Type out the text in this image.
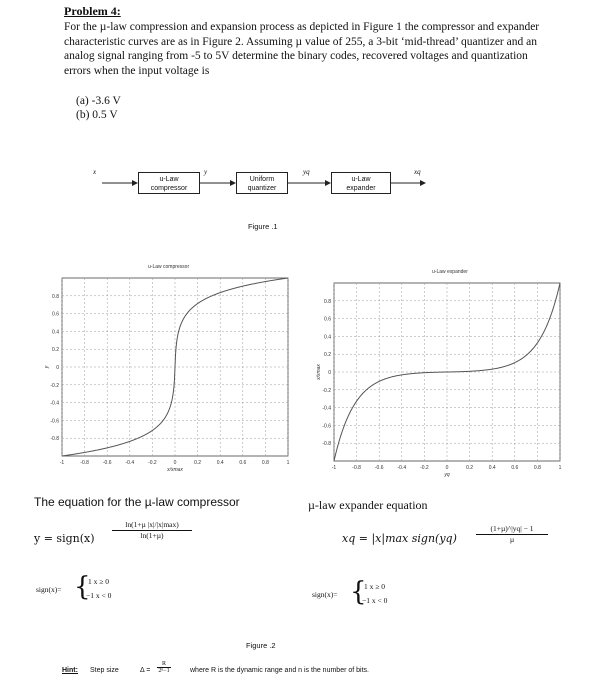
Problem 4:
For the µ-law compression and expansion process as depicted in Figure 1 the compressor and expander characteristic curves are as in Figure 2. Assuming µ value of 255, a 3-bit ‘mid-thread’ quantizer and an analog signal ranging from -5 to 5V determine the binary codes, recovered voltages and quantization errors when the input voltage is
(a) -3.6 V
(b) 0.5 V
x	y	yq	xq
u-Law
compressor
Uniform
quantizer
u-Law
expander
Figure .1
u-Law compressor
-1	-0.8	-0.6	-0.4	-0.2	0	0.2	0.4	0.6	0.8	1
-0.8
-0.6
-0.4
-0.2
0
0.2
0.4
0.6
0.8
x/xmax
y
u-Law expander
-1	-0.8	-0.6	-0.4	-0.2	0	0.2	0.4	0.6	0.8	1
-0.8
-0.6
-0.4
-0.2
0
0.2
0.4
0.6
0.8
yq
x/xmax
The equation for the µ-law compressor	µ-law expander equation
y = sign(x)
ln(1+µ |x|/|x|max)
ln(1+µ)	xq = |x|max sign(yq)
(1+µ)^|yq| − 1
µ
sign(x)= {
1 x ≥ 0
−1 x < 0	sign(x)= {
1 x ≥ 0
−1 x < 0
Figure .2
Hint: Step size	$\Delta = \frac{R}{\text{2ⁿ−1}}$	where R is the dynamic range and n is the number of bits.
